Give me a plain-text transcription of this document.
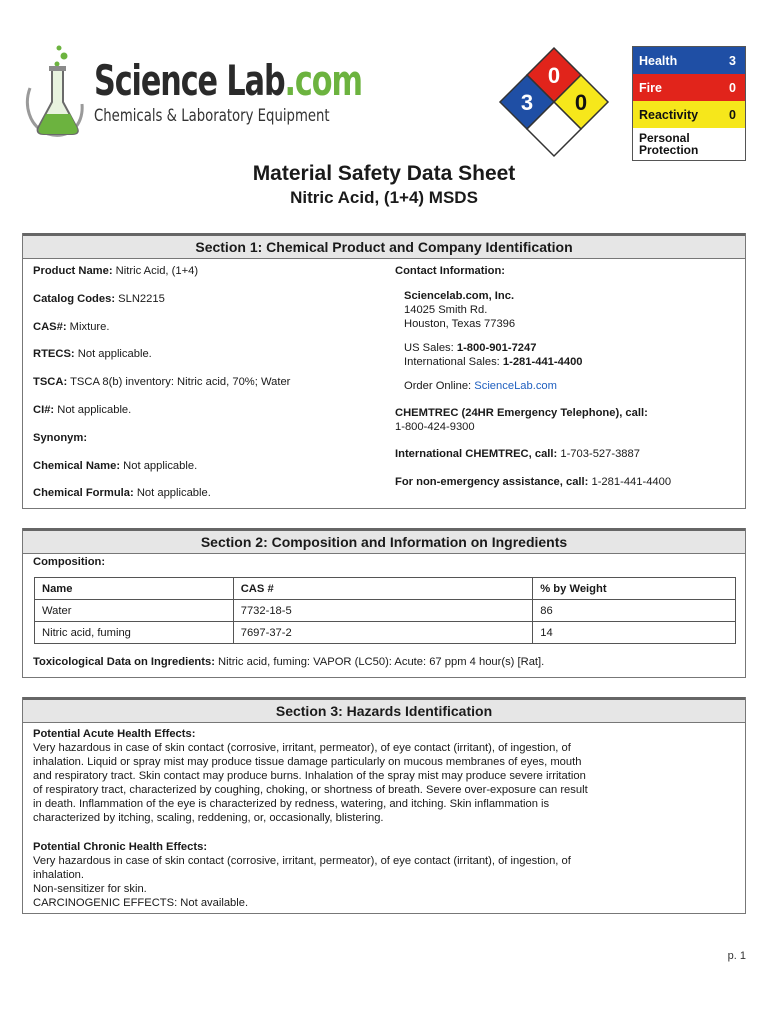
Science Lab.com
Chemicals & Laboratory Equipment
0
3 0
Health	3
Fire	0
Reactivity 0
Personal
Protection
Material Safety Data Sheet
Nitric Acid, (1+4) MSDS
Section 1: Chemical Product and Company Identification
Product Name: Nitric Acid, (1+4)
Catalog Codes: SLN2215
CAS#: Mixture.
RTECS: Not applicable.
TSCA: TSCA 8(b) inventory: Nitric acid, 70%; Water
CI#: Not applicable.
Synonym:
Chemical Name: Not applicable.
Chemical Formula: Not applicable.
Contact Information:
Sciencelab.com, Inc.
14025 Smith Rd.
Houston, Texas 77396
US Sales: 1-800-901-7247
International Sales: 1-281-441-4400
Order Online: ScienceLab.com
CHEMTREC (24HR Emergency Telephone), call:
1-800-424-9300
International CHEMTREC, call: 1-703-527-3887
For non-emergency assistance, call: 1-281-441-4400
Section 2: Composition and Information on Ingredients
Composition:
Name	CAS #	% by Weight
Water	7732-18-5	86
Nitric acid, fuming	7697-37-2	14
Toxicological Data on Ingredients: Nitric acid, fuming: VAPOR (LC50): Acute: 67 ppm 4 hour(s) [Rat].
Section 3: Hazards Identification
Potential Acute Health Effects:
Very hazardous in case of skin contact (corrosive, irritant, permeator), of eye contact (irritant), of ingestion, of
inhalation. Liquid or spray mist may produce tissue damage particularly on mucous membranes of eyes, mouth
and respiratory tract. Skin contact may produce burns. Inhalation of the spray mist may produce severe irritation
of respiratory tract, characterized by coughing, choking, or shortness of breath. Severe over-exposure can result
in death. Inflammation of the eye is characterized by redness, watering, and itching. Skin inflammation is
characterized by itching, scaling, reddening, or, occasionally, blistering.
Potential Chronic Health Effects:
Very hazardous in case of skin contact (corrosive, irritant, permeator), of eye contact (irritant), of ingestion, of
inhalation.
Non-sensitizer for skin.
CARCINOGENIC EFFECTS: Not available.
p. 1
